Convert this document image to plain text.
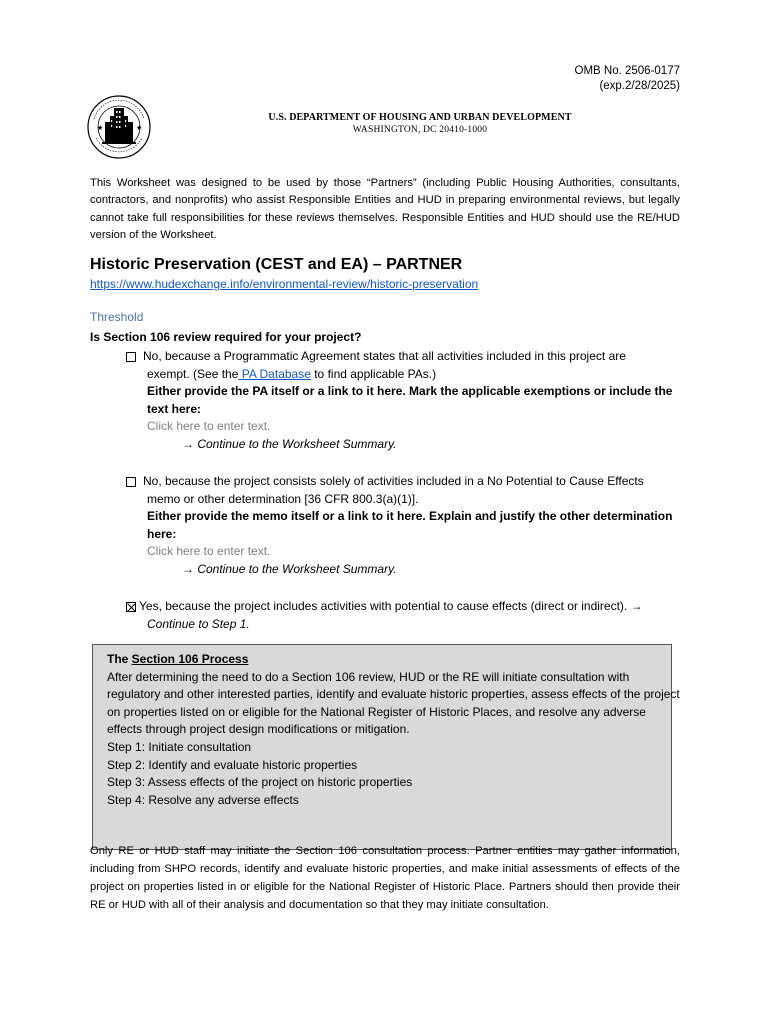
OMB No. 2506-0177
(exp.2/28/2025)
★	★
U.S. DEPARTMENT OF HOUSING AND URBAN DEVELOPMENT
WASHINGTON, DC 20410-1000
This Worksheet was designed to be used by those “Partners” (including Public Housing Authorities, consultants, contractors, and nonprofits) who assist Responsible Entities and HUD in preparing environmental reviews, but legally cannot take full responsibilities for these reviews themselves. Responsible Entities and HUD should use the RE/HUD version of the Worksheet.
Historic Preservation (CEST and EA) – PARTNER
https://www.hudexchange.info/environmental-review/historic-preservation
Threshold
Is Section 106 review required for your project?
No, because a Programmatic Agreement states that all activities included in this project are
exempt. (See the PA Database to find applicable PAs.)
Either provide the PA itself or a link to it here. Mark the applicable exemptions or include the text here:
Click here to enter text.
→ Continue to the Worksheet Summary.
No, because the project consists solely of activities included in a No Potential to Cause Effects
memo or other determination [36 CFR 800.3(a)(1)].
Either provide the memo itself or a link to it here. Explain and justify the other determination here:
Click here to enter text.
→ Continue to the Worksheet Summary.
Yes, because the project includes activities with potential to cause effects (direct or indirect). →
Continue to Step 1.
The Section 106 Process
After determining the need to do a Section 106 review, HUD or the RE will initiate consultation with regulatory and other interested parties, identify and evaluate historic properties, assess effects of the project on properties listed on or eligible for the National Register of Historic Places, and resolve any adverse effects through project design modifications or mitigation.
Step 1: Initiate consultation
Step 2: Identify and evaluate historic properties
Step 3: Assess effects of the project on historic properties
Step 4: Resolve any adverse effects
Only RE or HUD staff may initiate the Section 106 consultation process. Partner entities may gather information, including from SHPO records, identify and evaluate historic properties, and make initial assessments of effects of the project on properties listed in or eligible for the National Register of Historic Place. Partners should then provide their RE or HUD with all of their analysis and documentation so that they may initiate consultation.
